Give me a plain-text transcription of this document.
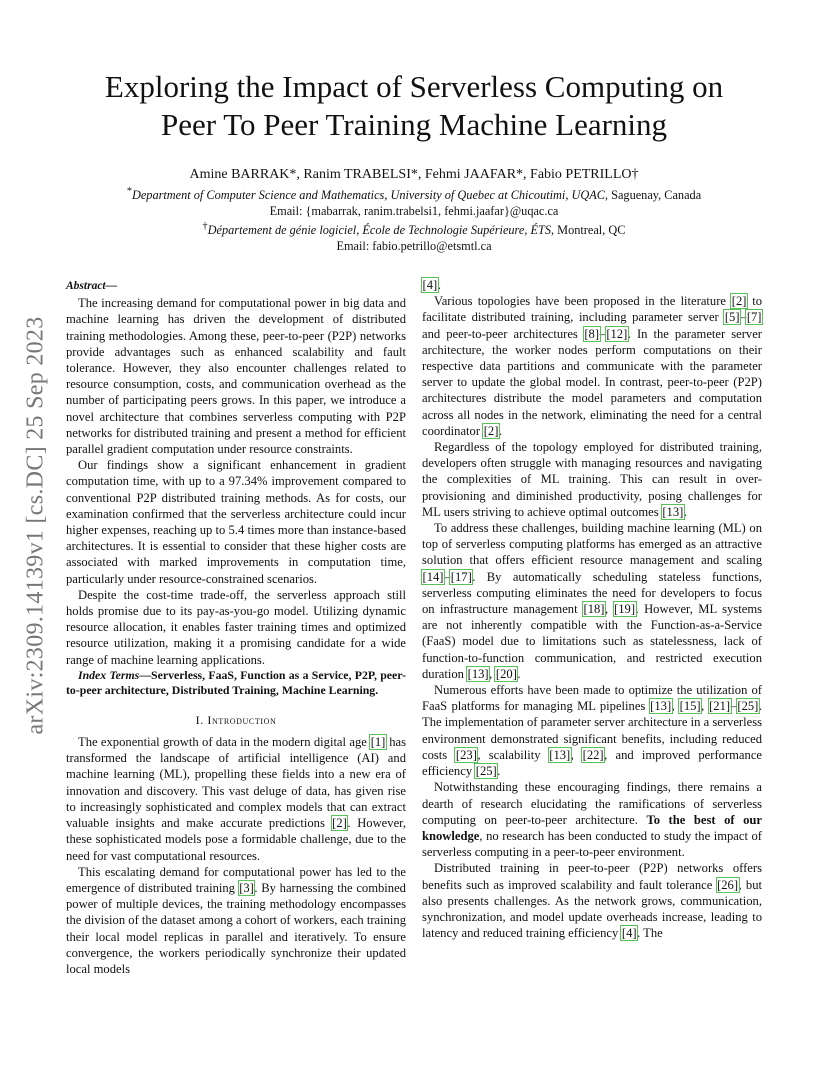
arXiv:2309.14139v1 [cs.DC] 25 Sep 2023
Exploring the Impact of Serverless Computing on
Peer To Peer Training Machine Learning
Amine BARRAK*, Ranim TRABELSI*, Fehmi JAAFAR*, Fabio PETRILLO†
*Department of Computer Science and Mathematics, University of Quebec at Chicoutimi, UQAC, Saguenay, Canada
Email: {mabarrak, ranim.trabelsi1, fehmi.jaafar}@uqac.ca
†Département de génie logiciel, École de Technologie Supérieure, ÉTS, Montreal, QC
Email: fabio.petrillo@etsmtl.ca
Abstract—

The increasing demand for computational power in big data and machine learning has driven the development of distributed training methodologies. Among these, peer-to-peer (P2P) networks provide advantages such as enhanced scalability and fault tolerance. However, they also encounter challenges related to resource consumption, costs, and communication overhead as the number of participating peers grows. In this paper, we introduce a novel architecture that combines serverless computing with P2P networks for distributed training and present a method for efficient parallel gradient computation under resource constraints.

Our findings show a significant enhancement in gradient computation time, with up to a 97.34% improvement compared to conventional P2P distributed training methods. As for costs, our examination confirmed that the serverless architecture could incur higher expenses, reaching up to 5.4 times more than instance-based architectures. It is essential to consider that these higher costs are associated with marked improvements in computation time, particularly under resource-constrained scenarios.

Despite the cost-time trade-off, the serverless approach still holds promise due to its pay-as-you-go model. Utilizing dynamic resource allocation, it enables faster training times and optimized resource utilization, making it a promising candidate for a wide range of machine learning applications.

Index Terms—Serverless, FaaS, Function as a Service, P2P, peer-to-peer architecture, Distributed Training, Machine Learning.

I. Introduction

The exponential growth of data in the modern digital age [1] has transformed the landscape of artificial intelligence (AI) and machine learning (ML), propelling these fields into a new era of innovation and discovery. This vast deluge of data, has given rise to increasingly sophisticated and complex models that can extract valuable insights and make accurate predictions [2]. However, these sophisticated models pose a formidable challenge, due to the need for vast computational resources.

This escalating demand for computational power has led to the emergence of distributed training [3]. By harnessing the combined power of multiple devices, the training methodology encompasses the division of the dataset among a cohort of workers, each training their local model replicas in parallel and iteratively. To ensure convergence, the workers periodically synchronize their updated local models

[4].

Various topologies have been proposed in the literature [2] to facilitate distributed training, including parameter server [5]–[7] and peer-to-peer architectures [8]–[12]. In the parameter server architecture, the worker nodes perform computations on their respective data partitions and communicate with the parameter server to update the global model. In contrast, peer-to-peer (P2P) architectures distribute the model parameters and computation across all nodes in the network, eliminating the need for a central coordinator [2].

Regardless of the topology employed for distributed training, developers often struggle with managing resources and navigating the complexities of ML training. This can result in over-provisioning and diminished productivity, posing challenges for ML users striving to achieve optimal outcomes [13].

To address these challenges, building machine learning (ML) on top of serverless computing platforms has emerged as an attractive solution that offers efficient resource management and scaling [14]–[17]. By automatically scheduling stateless functions, serverless computing eliminates the need for developers to focus on infrastructure management [18], [19]. However, ML systems are not inherently compatible with the Function-as-a-Service (FaaS) model due to limitations such as statelessness, lack of function-to-function communication, and restricted execution duration [13], [20].

Numerous efforts have been made to optimize the utilization of FaaS platforms for managing ML pipelines [13], [15], [21]–[25]. The implementation of parameter server architecture in a serverless environment demonstrated significant benefits, including reduced costs [23], scalability [13], [22], and improved performance efficiency [25].

Notwithstanding these encouraging findings, there remains a dearth of research elucidating the ramifications of serverless computing on peer-to-peer architecture. To the best of our knowledge, no research has been conducted to study the impact of serverless computing in a peer-to-peer environment.

Distributed training in peer-to-peer (P2P) networks offers benefits such as improved scalability and fault tolerance [26], but also presents challenges. As the network grows, communication, synchronization, and model update overheads increase, leading to latency and reduced training efficiency [4]. The
